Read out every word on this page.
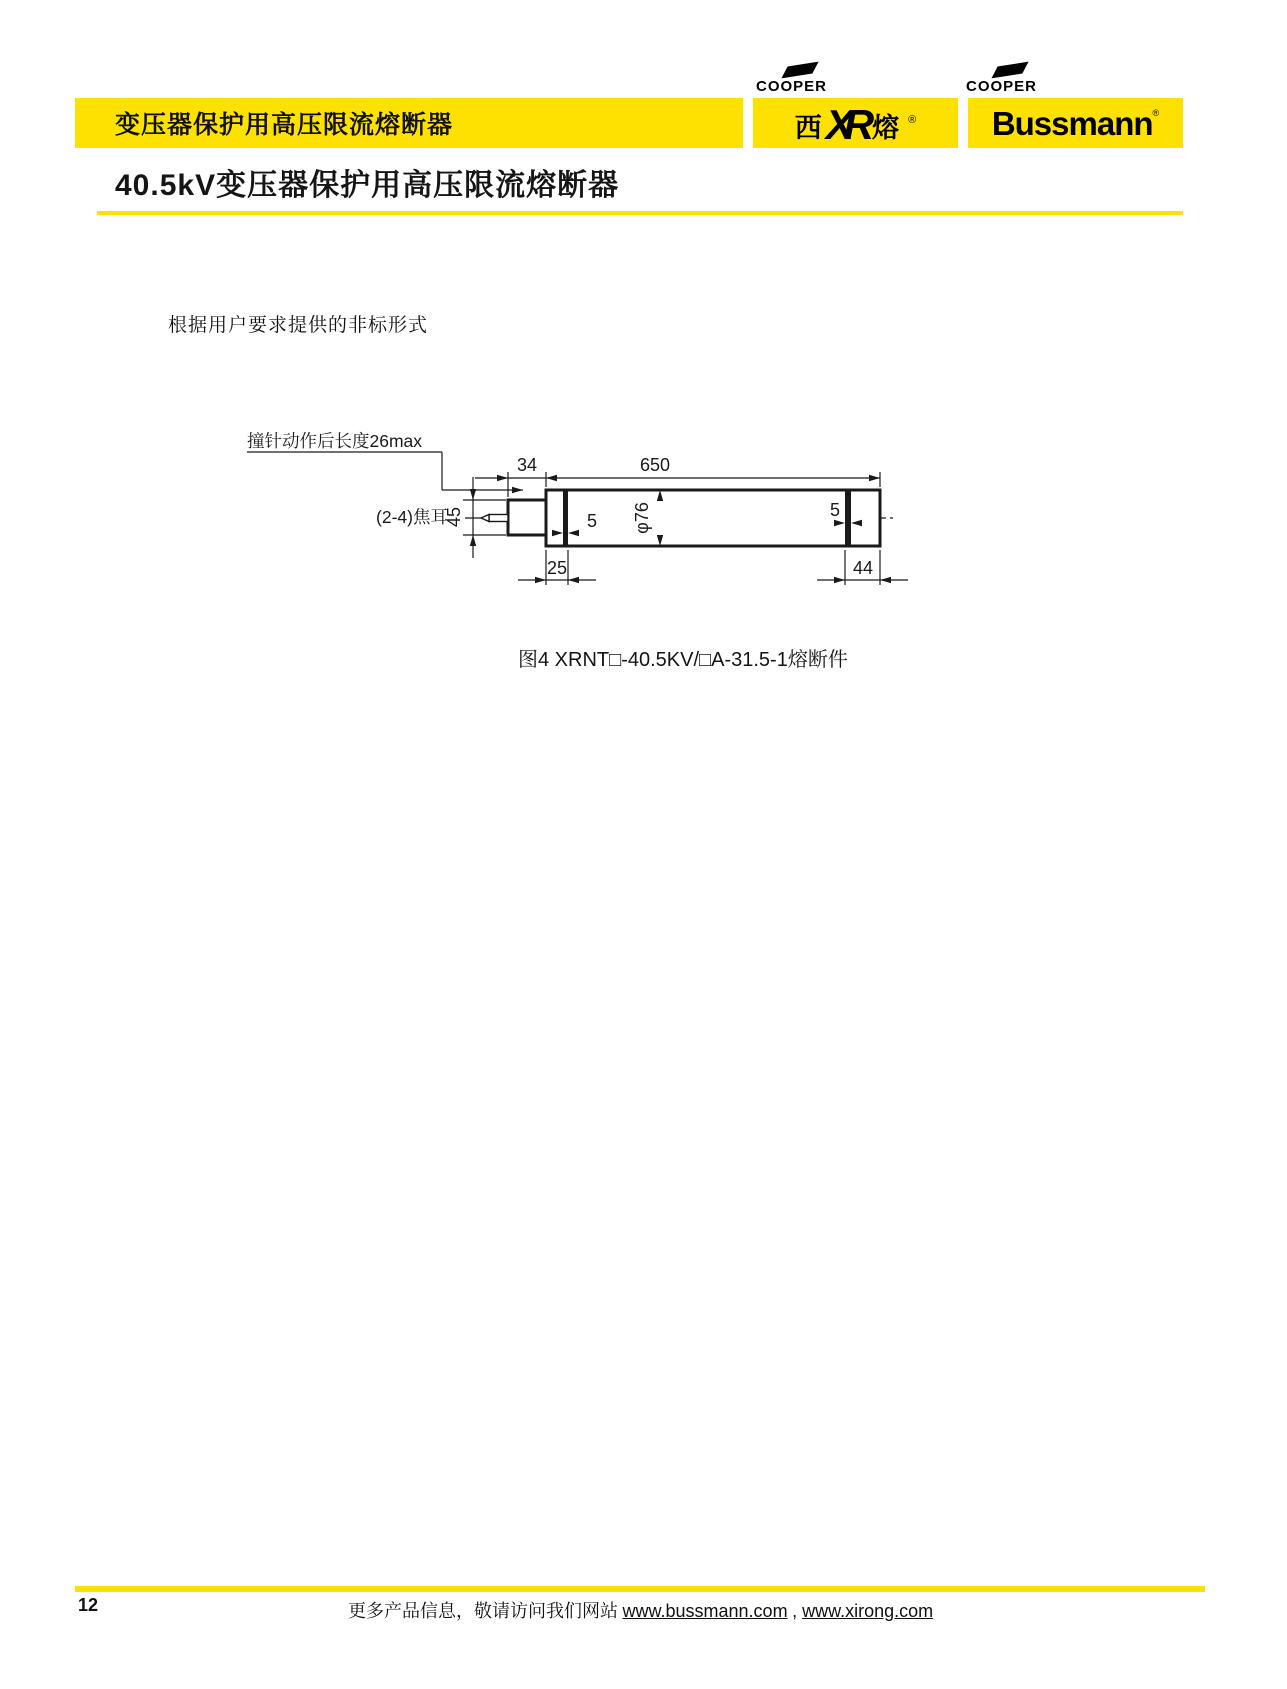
COOPER	COOPER
变压器保护用高压限流熔断器	西 XR 熔 ® Bussmann ®
40.5kV变压器保护用高压限流熔断器
根据用户要求提供的非标形式
撞针动作后长度26max
(2-4)焦耳
34	650
45	φ76
5
5
25	44
图4 XRNT□-40.5KV/□A-31.5-1熔断件
12	更多产品信息，敬请访问我们网站 www.bussmann.com , www.xirong.com
